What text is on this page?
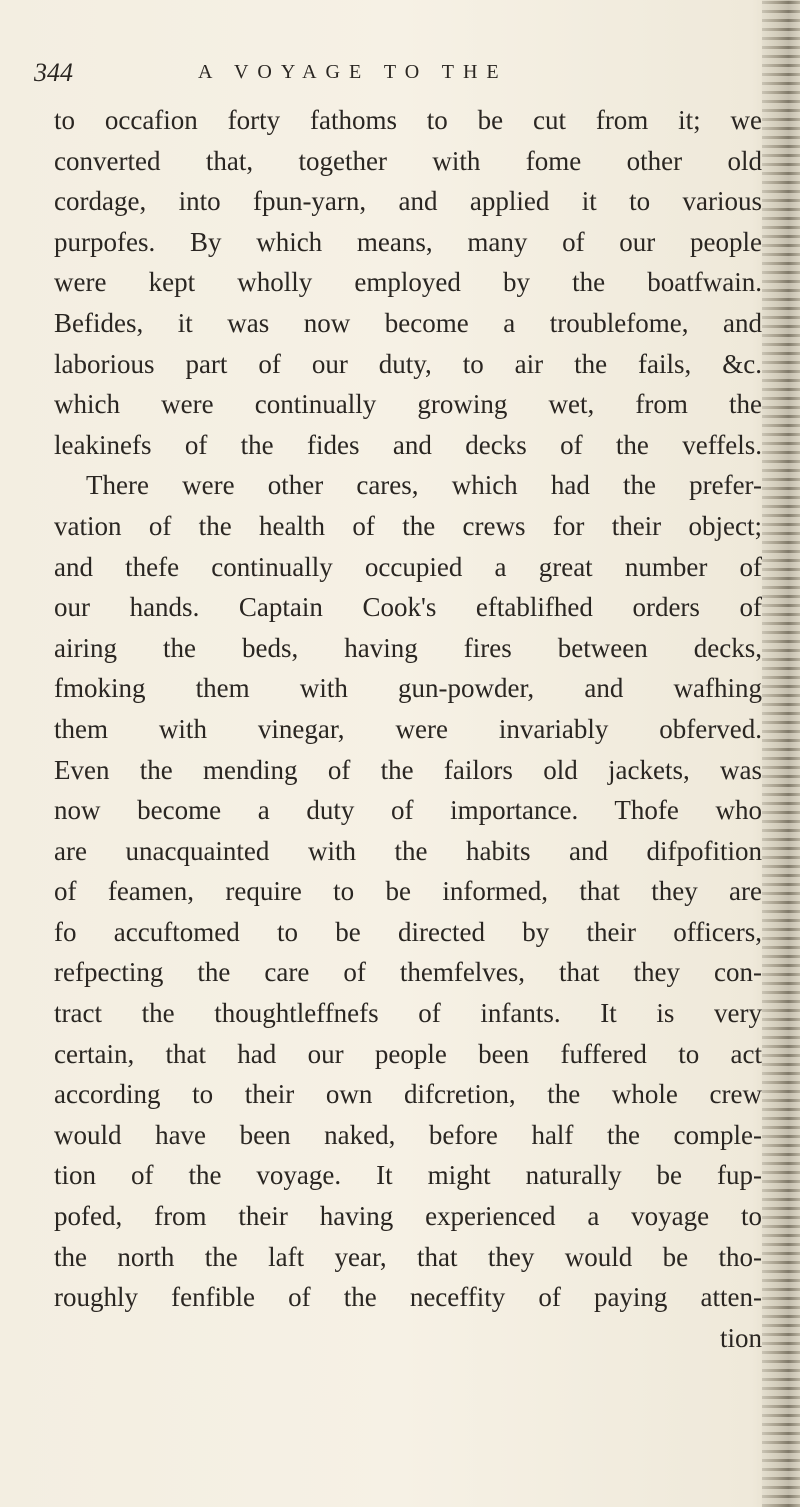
344	A VOYAGE TO THE
to occafion forty fathoms to be cut from it; we
converted that, together with fome other old
cordage, into fpun-yarn, and applied it to various
purpofes. By which means, many of our people
were kept wholly employed by the boatfwain.
Befides, it was now become a troublefome, and
laborious part of our duty, to air the fails, &c.
which were continually growing wet, from the
leakinefs of the fides and decks of the veffels.
There were other cares, which had the prefer-
vation of the health of the crews for their object;
and thefe continually occupied a great number of
our hands. Captain Cook's eftablifhed orders of
airing the beds, having fires between decks,
fmoking them with gun-powder, and wafhing
them with vinegar, were invariably obferved.
Even the mending of the failors old jackets, was
now become a duty of importance. Thofe who
are unacquainted with the habits and difpofition
of feamen, require to be informed, that they are
fo accuftomed to be directed by their officers,
refpecting the care of themfelves, that they con-
tract the thoughtleffnefs of infants. It is very
certain, that had our people been fuffered to act
according to their own difcretion, the whole crew
would have been naked, before half the comple-
tion of the voyage. It might naturally be fup-
pofed, from their having experienced a voyage to
the north the laft year, that they would be tho-
roughly fenfible of the neceffity of paying atten-
tion
